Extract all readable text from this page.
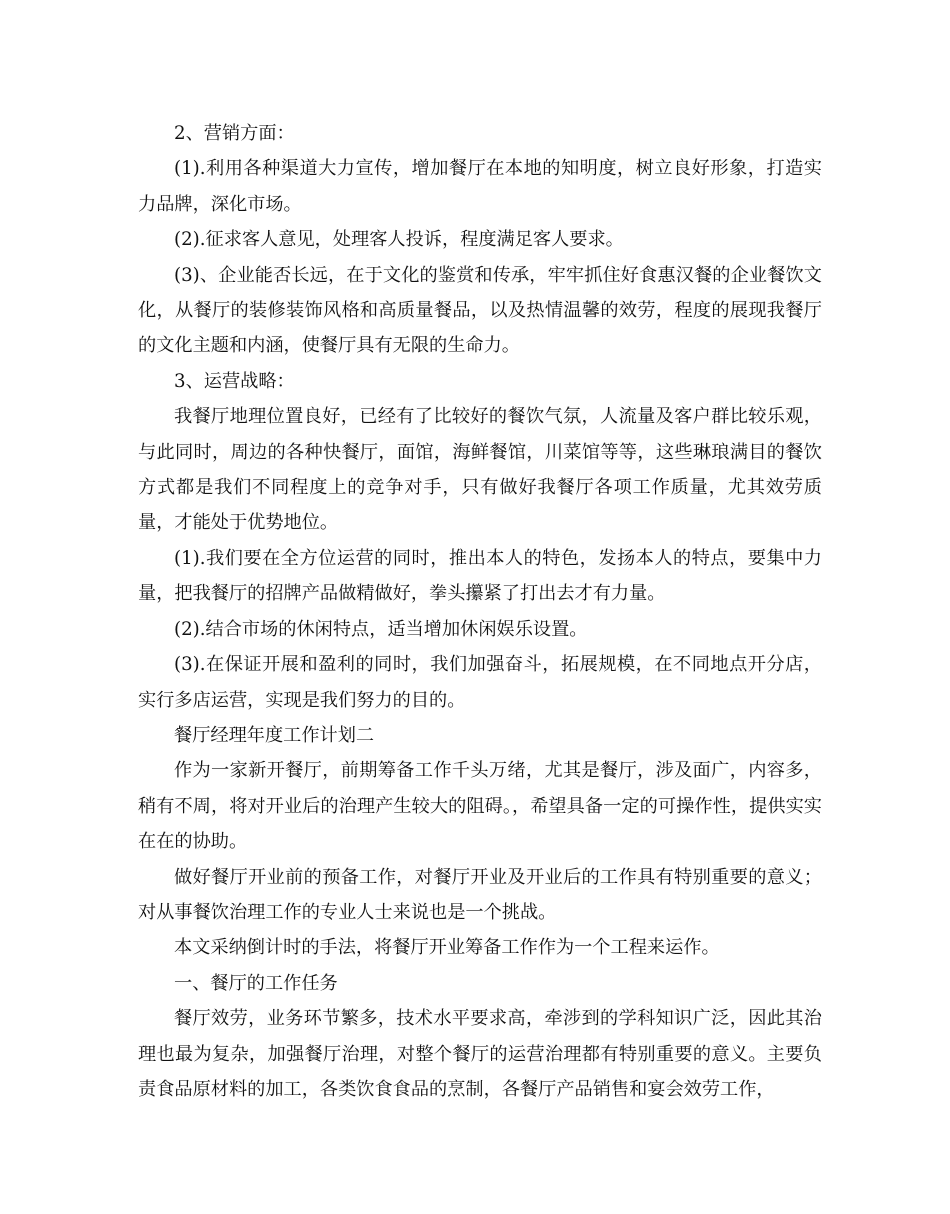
2、营销方面：

(1).利用各种渠道大力宣传，增加餐厅在本地的知明度，树立良好形象，打造实力品牌，深化市场。

(2).征求客人意见，处理客人投诉，程度满足客人要求。

(3)、企业能否长远，在于文化的鉴赏和传承，牢牢抓住好食惠汉餐的企业餐饮文化，从餐厅的装修装饰风格和高质量餐品，以及热情温馨的效劳，程度的展现我餐厅的文化主题和内涵，使餐厅具有无限的生命力。

3、运营战略：

我餐厅地理位置良好，已经有了比较好的餐饮气氛，人流量及客户群比较乐观，与此同时，周边的各种快餐厅，面馆，海鲜餐馆，川菜馆等等，这些琳琅满目的餐饮方式都是我们不同程度上的竞争对手，只有做好我餐厅各项工作质量，尤其效劳质量，才能处于优势地位。

(1).我们要在全方位运营的同时，推出本人的特色，发扬本人的特点，要集中力量，把我餐厅的招牌产品做精做好，拳头攥紧了打出去才有力量。

(2).结合市场的休闲特点，适当增加休闲娱乐设置。

(3).在保证开展和盈利的同时，我们加强奋斗，拓展规模，在不同地点开分店，实行多店运营，实现是我们努力的目的。

餐厅经理年度工作计划二

作为一家新开餐厅，前期筹备工作千头万绪，尤其是餐厅，涉及面广，内容多，稍有不周，将对开业后的治理产生较大的阻碍。，希望具备一定的可操作性，提供实实在在的协助。

做好餐厅开业前的预备工作，对餐厅开业及开业后的工作具有特别重要的意义；对从事餐饮治理工作的专业人士来说也是一个挑战。

本文采纳倒计时的手法，将餐厅开业筹备工作作为一个工程来运作。

一、餐厅的工作任务

餐厅效劳，业务环节繁多，技术水平要求高，牵涉到的学科知识广泛，因此其治理也最为复杂，加强餐厅治理，对整个餐厅的运营治理都有特别重要的意义。主要负责食品原材料的加工，各类饮食食品的烹制，各餐厅产品销售和宴会效劳工作，
